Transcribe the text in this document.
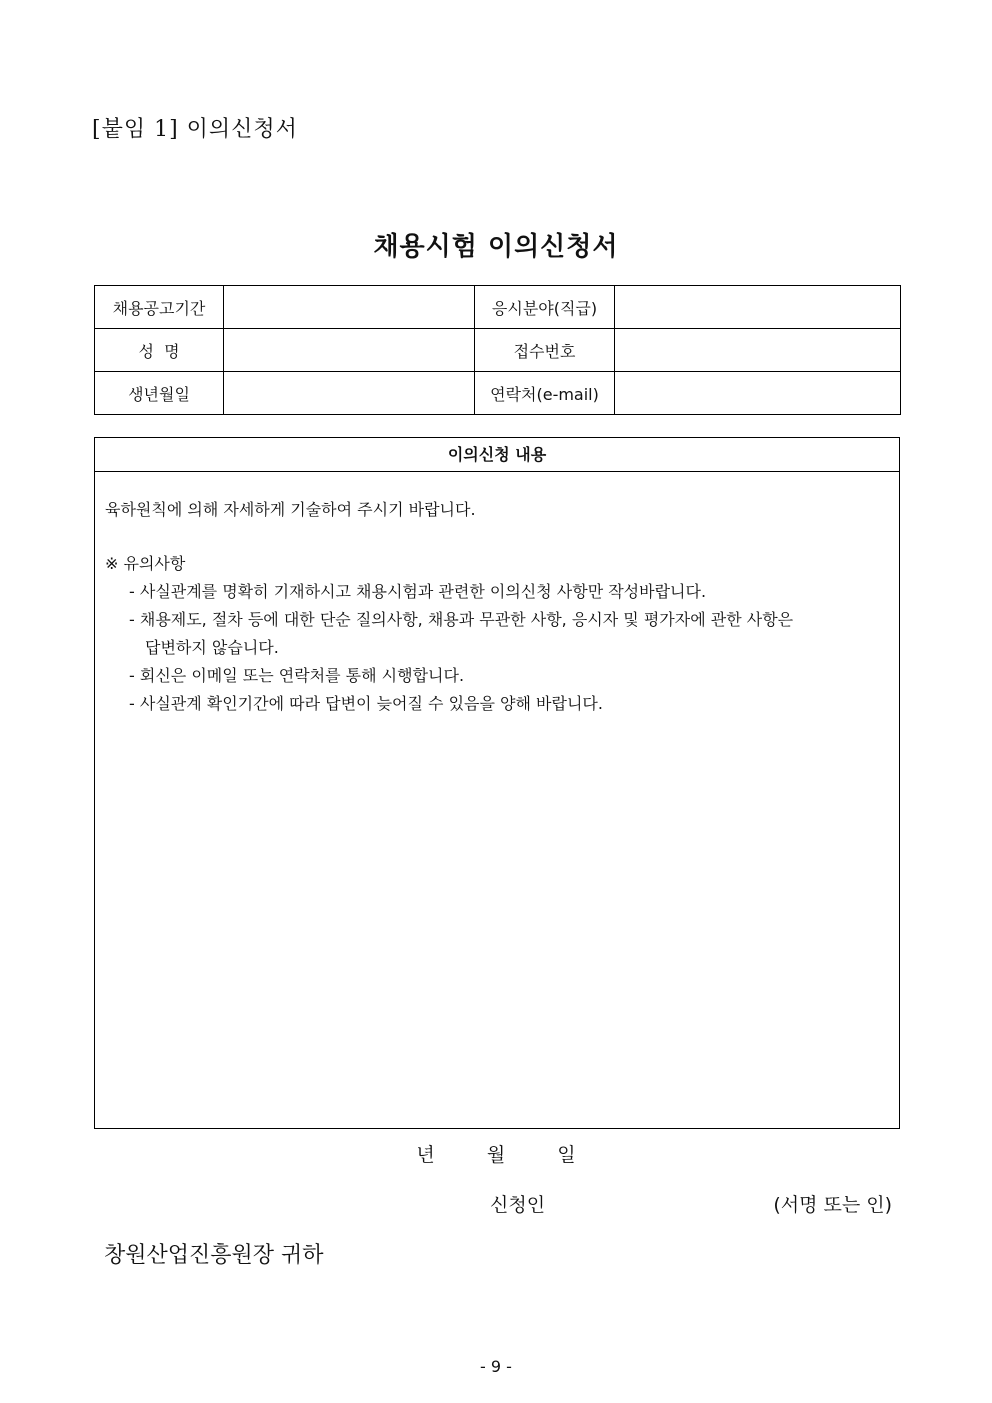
[붙임 1] 이의신청서
채용시험 이의신청서
채용공고기간		응시분야(직급)	
성  명		접수번호	
생년월일		연락처(e-mail)	
이의신청 내용
육하원칙에 의해 자세하게 기술하여 주시기 바랍니다.
※ 유의사항
- 사실관계를 명확히 기재하시고 채용시험과 관련한 이의신청 사항만 작성바랍니다.
- 채용제도, 절차 등에 대한 단순 질의사항, 채용과 무관한 사항, 응시자 및 평가자에 관한 사항은
답변하지 않습니다.
- 회신은 이메일 또는 연락처를 통해 시행합니다.
- 사실관계 확인기간에 따라 답변이 늦어질 수 있음을 양해 바랍니다.
년	월	일
신청인	(서명 또는 인)
창원산업진흥원장 귀하
- 9 -
